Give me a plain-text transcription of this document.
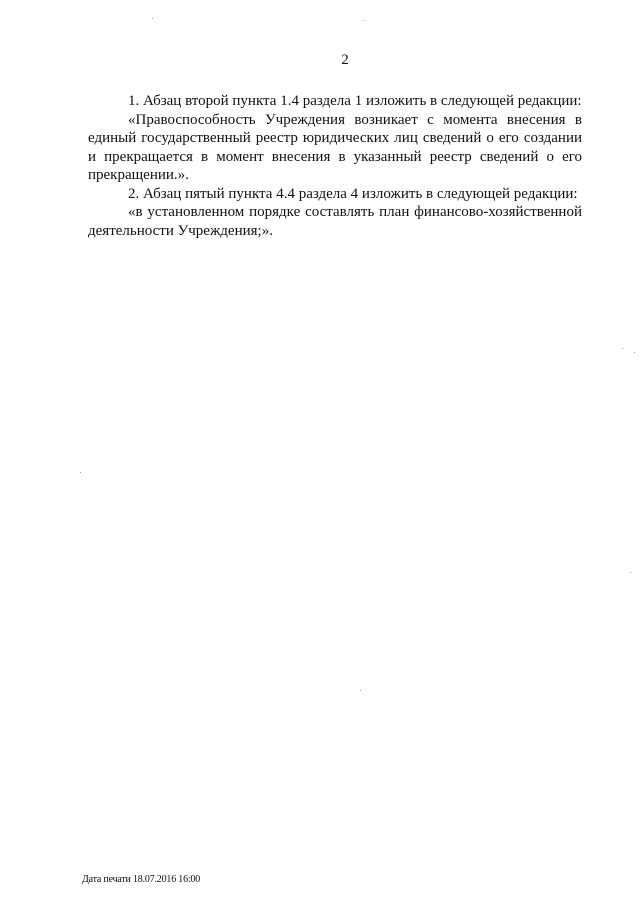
2

1. Абзац второй пункта 1.4 раздела 1 изложить в следующей редакции:

«Правоспособность Учреждения возникает с момента внесения в единый государственный реестр юридических лиц сведений о его создании и прекращается в момент внесения в указанный реестр сведений о его прекращении.».

2. Абзац пятый пункта 4.4 раздела 4 изложить в следующей редакции:

«в установленном порядке составлять план финансово-хозяйственной деятельности Учреждения;».

Дата печати 18.07.2016 16:00
